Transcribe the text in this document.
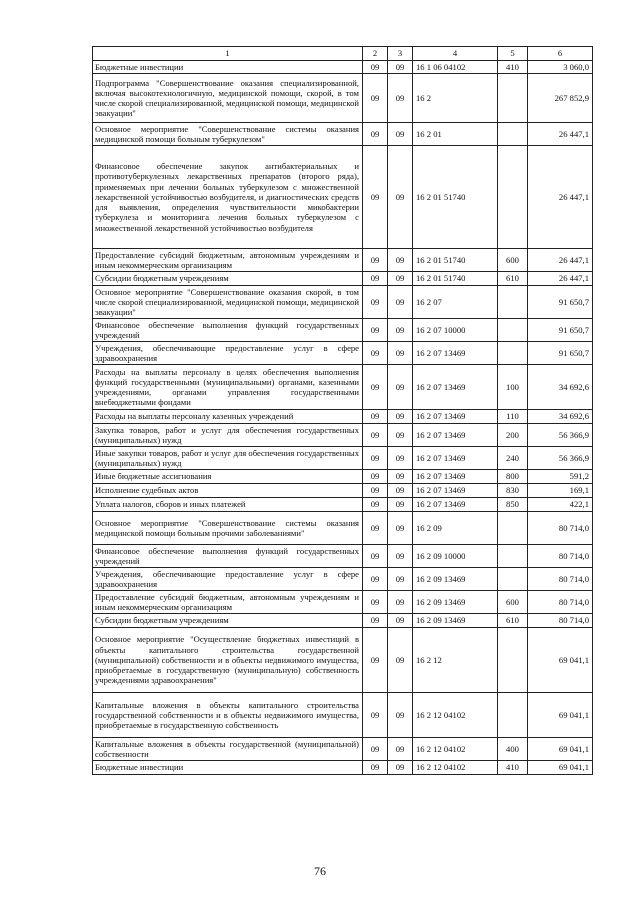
1	2	3	4	5	6
Бюджетные инвестиции	09	09	16 1 06 04102	410	3 060,0
Подпрограмма "Совершенствование оказания специализированной, включая высокотехнологичную, медицинской помощи, скорой, в том числе скорой специализированной, медицинской помощи, медицинской эвакуации"	09	09	16 2		267 852,9
Основное мероприятие "Совершенствование системы оказания медицинской помощи больным туберкулезом"	09	09	16 2 01		26 447,1
Финансовое обеспечение закупок антибактериальных и противотуберкулезных лекарственных препаратов (второго ряда), применяемых при лечении больных туберкулезом с множественной лекарственной устойчивостью возбудителя, и диагностических средств для выявления, определения чувствительности микобактерии туберкулеза и мониторинга лечения больных туберкулезом с множественной лекарственной устойчивостью возбудителя	09	09	16 2 01 51740		26 447,1
Предоставление субсидий бюджетным, автономным учреждениям и иным некоммерческим организациям	09	09	16 2 01 51740	600	26 447,1
Субсидии бюджетным учреждениям	09	09	16 2 01 51740	610	26 447,1
Основное мероприятие "Совершенствование оказания скорой, в том числе скорой специализированной, медицинской помощи, медицинской эвакуации"	09	09	16 2 07		91 650,7
Финансовое обеспечение выполнения функций государственных учреждений	09	09	16 2 07 10000		91 650,7
Учреждения, обеспечивающие предоставление услуг в сфере здравоохранения	09	09	16 2 07 13469		91 650,7
Расходы на выплаты персоналу в целях обеспечения выполнения функций государственными (муниципальными) органами, казенными учреждениями, органами управления государственными внебюджетными фондами	09	09	16 2 07 13469	100	34 692,6
Расходы на выплаты персоналу казенных учреждений	09	09	16 2 07 13469	110	34 692,6
Закупка товаров, работ и услуг для обеспечения государственных (муниципальных) нужд	09	09	16 2 07 13469	200	56 366,9
Иные закупки товаров, работ и услуг для обеспечения государственных (муниципальных) нужд	09	09	16 2 07 13469	240	56 366,9
Иные бюджетные ассигнования	09	09	16 2 07 13469	800	591,2
Исполнение судебных актов	09	09	16 2 07 13469	830	169,1
Уплата налогов, сборов и иных платежей	09	09	16 2 07 13469	850	422,1
Основное мероприятие "Совершенствование системы оказания медицинской помощи больным прочими заболеваниями"	09	09	16 2 09		80 714,0
Финансовое обеспечение выполнения функций государственных учреждений	09	09	16 2 09 10000		80 714,0
Учреждения, обеспечивающие предоставление услуг в сфере здравоохранения	09	09	16 2 09 13469		80 714,0
Предоставление субсидий бюджетным, автономным учреждениям и иным некоммерческим организациям	09	09	16 2 09 13469	600	80 714,0
Субсидии бюджетным учреждениям	09	09	16 2 09 13469	610	80 714,0
Основное мероприятие "Осуществление бюджетных инвестиций в объекты капитального строительства государственной (муниципальной) собственности и в объекты недвижимого имущества, приобретаемые в государственную (муниципальную) собственность учреждениями здравоохранения"	09	09	16 2 12		69 041,1
Капитальные вложения в объекты капитального строительства государственной собственности и в объекты недвижимого имущества, приобретаемые в государственную собственность	09	09	16 2 12 04102		69 041,1
Капитальные вложения в объекты государственной (муниципальной) собственности	09	09	16 2 12 04102	400	69 041,1
Бюджетные инвестиции	09	09	16 2 12 04102	410	69 041,1
76
